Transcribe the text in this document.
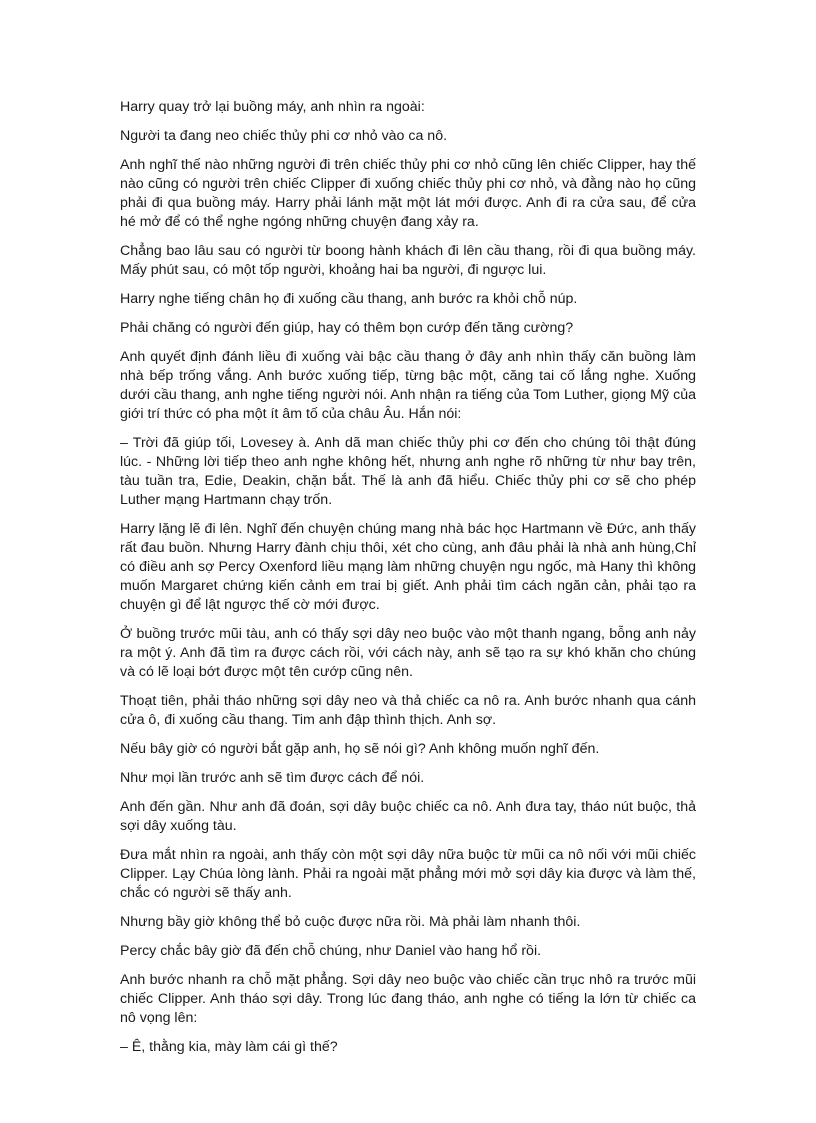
Harry quay trở lại buồng máy, anh nhìn ra ngoài:

Người ta đang neo chiếc thủy phi cơ nhỏ vào ca nô.

Anh nghĩ thế nào những người đi trên chiếc thủy phi cơ nhỏ cũng lên chiếc Clipper, hay thế nào cũng có người trên chiếc Clipper đi xuống chiếc thủy phi cơ nhỏ, và đằng nào họ cũng phải đi qua buồng máy. Harry phải lánh mặt một lát mới được. Anh đi ra cửa sau, để cửa hé mở để có thể nghe ngóng những chuyện đang xảy ra.

Chẳng bao lâu sau có người từ boong hành khách đi lên cầu thang, rồi đi qua buồng máy. Mấy phút sau, có một tốp người, khoảng hai ba người, đi ngược lui.

Harry nghe tiếng chân họ đi xuống cầu thang, anh bước ra khỏi chỗ núp.

Phải chăng có người đến giúp, hay có thêm bọn cướp đến tăng cường?

Anh quyết định đánh liều đi xuống vài bậc cầu thang ở đây anh nhìn thấy căn buồng làm nhà bếp trống vắng. Anh bước xuống tiếp, từng bậc một, căng tai cố lắng nghe. Xuống dưới cầu thang, anh nghe tiếng người nói. Anh nhận ra tiếng của Tom Luther, giọng Mỹ của giới trí thức có pha một ít âm tố của châu Âu. Hắn nói:

– Trời đã giúp tối, Lovesey à. Anh dã man chiếc thủy phi cơ đến cho chúng tôi thật đúng lúc. - Những lời tiếp theo anh nghe không hết, nhưng anh nghe rõ những từ như bay trên, tàu tuần tra, Edie, Deakin, chặn bắt. Thế là anh đã hiểu. Chiếc thủy phi cơ sẽ cho phép Luther mạng Hartmann chạy trốn.

Harry lặng lẽ đi lên. Nghĩ đến chuyện chúng mang nhà bác học Hartmann về Đức, anh thấy rất đau buồn. Nhưng Harry đành chịu thôi, xét cho cùng, anh đâu phải là nhà anh hùng,Chỉ có điều anh sợ Percy Oxenford liều mạng làm những chuyện ngu ngốc, mà Hany thì không muốn Margaret chứng kiến cảnh em trai bị giết. Anh phải tìm cách ngăn cản, phải tạo ra chuyện gì để lật ngược thế cờ mới được.

Ở buồng trước mũi tàu, anh có thấy sợi dây neo buộc vào một thanh ngang, bỗng anh nảy ra một ý. Anh đã tìm ra được cách rồi, với cách này, anh sẽ tạo ra sự khó khăn cho chúng và có lẽ loại bớt được một tên cướp cũng nên.

Thoạt tiên, phải tháo những sợi dây neo và thả chiếc ca nô ra. Anh bước nhanh qua cánh cửa ô, đi xuống cầu thang. Tim anh đập thình thịch. Anh sợ.

Nếu bây giờ có người bắt gặp anh, họ sẽ nói gì? Anh không muốn nghĩ đến.

Như mọi lần trước anh sẽ tìm được cách để nói.

Anh đến gần. Như anh đã đoán, sợi dây buộc chiếc ca nô. Anh đưa tay, tháo nút buộc, thả sợi dây xuống tàu.

Đưa mắt nhìn ra ngoài, anh thấy còn một sợi dây nữa buộc từ mũi ca nô nối với mũi chiếc Clipper. Lạy Chúa lòng lành. Phải ra ngoài mặt phẳng mới mở sợi dây kia được và làm thế, chắc có người sẽ thấy anh.

Nhưng bầy giờ không thể bỏ cuộc được nữa rồi. Mà phải làm nhanh thôi.

Percy chắc bây giờ đã đến chỗ chúng, như Daniel vào hang hổ rồi.

Anh bước nhanh ra chỗ mặt phẳng. Sợi dây neo buộc vào chiếc cần trục nhô ra trước mũi chiếc Clipper. Anh tháo sợi dây. Trong lúc đang tháo, anh nghe có tiếng la lớn từ chiếc ca nô vọng lên:

– Ê, thằng kia, mày làm cái gì thế?
